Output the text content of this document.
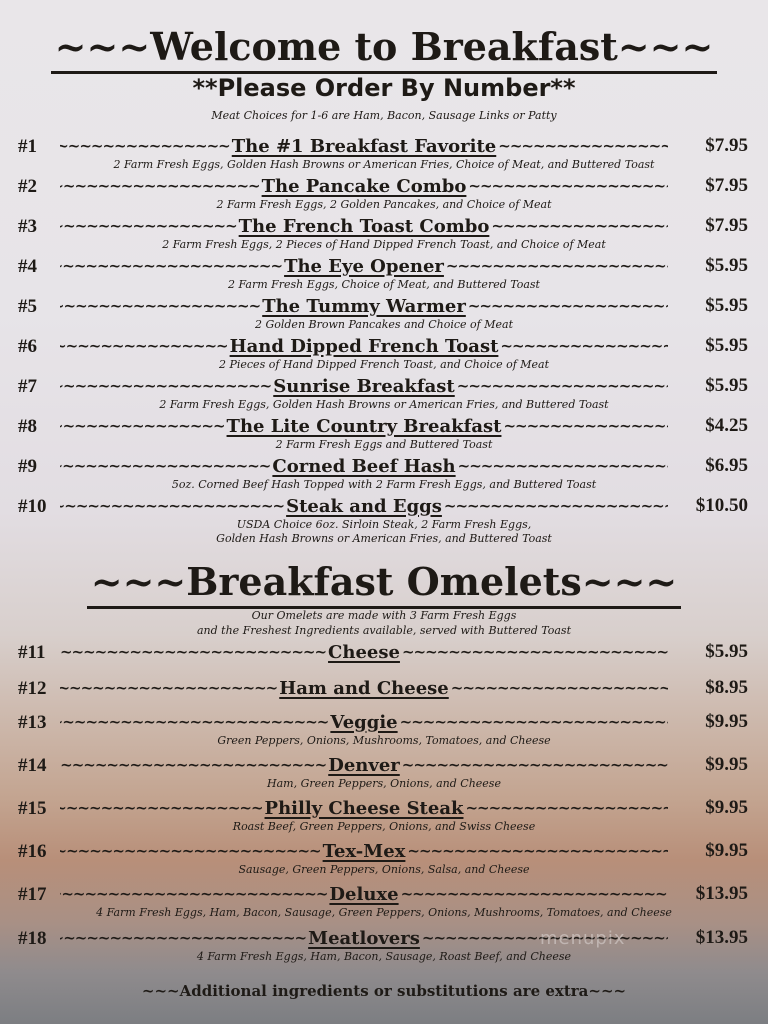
~~~Welcome to Breakfast~~~
**Please Order By Number**
Meat Choices for 1-6 are Ham, Bacon, Sausage Links or Patty
#1 ~~~~~	The #1 Breakfast Favorite ~~~~~	$7.95
2 Farm Fresh Eggs, Golden Hash Browns or American Fries, Choice of Meat, and Buttered Toast
#2 ~~~~~	The Pancake Combo ~~~~~	$7.95
2 Farm Fresh Eggs, 2 Golden Pancakes, and Choice of Meat
#3 ~~~~~	The French Toast Combo ~~~~~	$7.95
2 Farm Fresh Eggs, 2 Pieces of Hand Dipped French Toast, and Choice of Meat
#4 ~~~~~	The Eye Opener ~~~~~	$5.95
2 Farm Fresh Eggs, Choice of Meat, and Buttered Toast
#5 ~~~~~	The Tummy Warmer ~~~~~	$5.95
2 Golden Brown Pancakes and Choice of Meat
#6 ~~~~~	Hand Dipped French Toast ~~~~~	$5.95
2 Pieces of Hand Dipped French Toast, and Choice of Meat
#7 ~~~~~	Sunrise Breakfast ~~~~~	$5.95
2 Farm Fresh Eggs, Golden Hash Browns or American Fries, and Buttered Toast
#8 ~~~~~	The Lite Country Breakfast ~~~~~	$4.25
2 Farm Fresh Eggs and Buttered Toast
#9 ~~~~~	Corned Beef Hash ~~~~~	$6.95
5oz. Corned Beef Hash Topped with 2 Farm Fresh Eggs, and Buttered Toast
#10 ~~~~~	Steak and Eggs ~~~~~	$10.50
USDA Choice 6oz. Sirloin Steak, 2 Farm Fresh Eggs,
Golden Hash Browns or American Fries, and Buttered Toast
~~~Breakfast Omelets~~~
Our Omelets are made with 3 Farm Fresh Eggs
and the Freshest Ingredients available, served with Buttered Toast
#11 ~~~~~	Cheese ~~~~~	$5.95
#12 ~~~~~	Ham and Cheese ~~~~~	$8.95
#13 ~~~~~	Veggie ~~~~~	$9.95
Green Peppers, Onions, Mushrooms, Tomatoes, and Cheese
#14 ~~~~~	Denver ~~~~~	$9.95
Ham, Green Peppers, Onions, and Cheese
#15 ~~~~~	Philly Cheese Steak ~~~~~	$9.95
Roast Beef, Green Peppers, Onions, and Swiss Cheese
#16 ~~~~~	Tex-Mex ~~~~~	$9.95
Sausage, Green Peppers, Onions, Salsa, and Cheese
#17 ~~~~~	Deluxe ~~~~~	$13.95
4 Farm Fresh Eggs, Ham, Bacon, Sausage, Green Peppers, Onions, Mushrooms, Tomatoes, and Cheese
#18 ~~~~~	Meatlovers ~~~~~	$13.95
4 Farm Fresh Eggs, Ham, Bacon, Sausage, Roast Beef, and Cheese
menupix
~~~Additional ingredients or substitutions are extra~~~
